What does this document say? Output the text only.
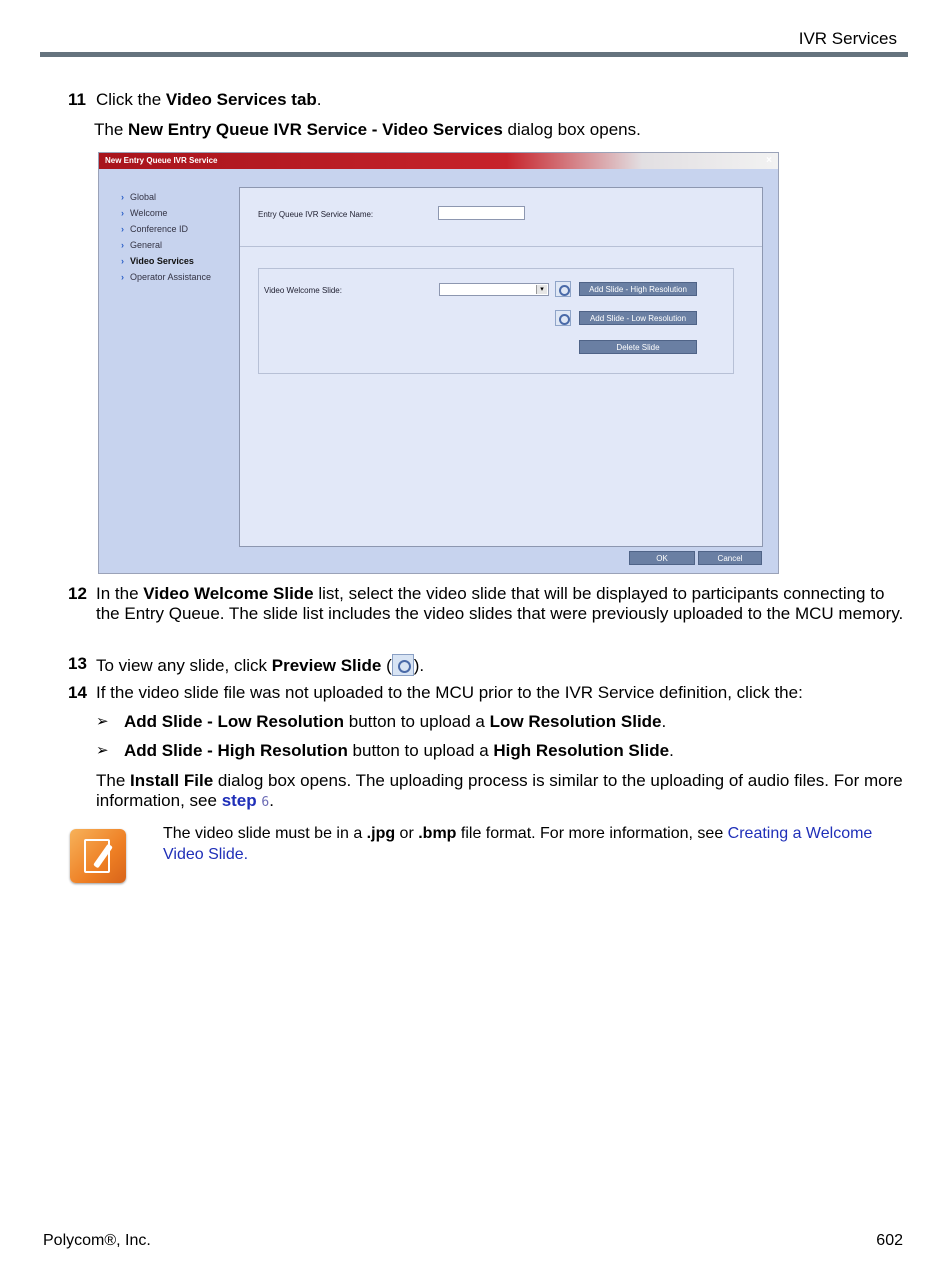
IVR Services
11 Click the Video Services tab.
The New Entry Queue IVR Service - Video Services dialog box opens.
New Entry Queue IVR Service	×
› Global
› Welcome
› Conference ID
› General
› Video Services
› Operator Assistance
Entry Queue IVR Service Name:
Video Welcome Slide:	▾	Add Slide - High Resolution
Add Slide - Low Resolution
Delete Slide
OK	Cancel
12 In the Video Welcome Slide list, select the video slide that will be displayed to participants connecting to the Entry Queue. The slide list includes the video slides that were previously uploaded to the MCU memory.
13 To view any slide, click Preview Slide ( ).
14 If the video slide file was not uploaded to the MCU prior to the IVR Service definition, click the:
➢ Add Slide - Low Resolution button to upload a Low Resolution Slide.
➢ Add Slide - High Resolution button to upload a High Resolution Slide.
The Install File dialog box opens. The uploading process is similar to the uploading of audio files. For more information, see step 6.
The video slide must be in a .jpg or .bmp file format. For more information, see Creating a Welcome Video Slide.
Polycom®, Inc.	602
